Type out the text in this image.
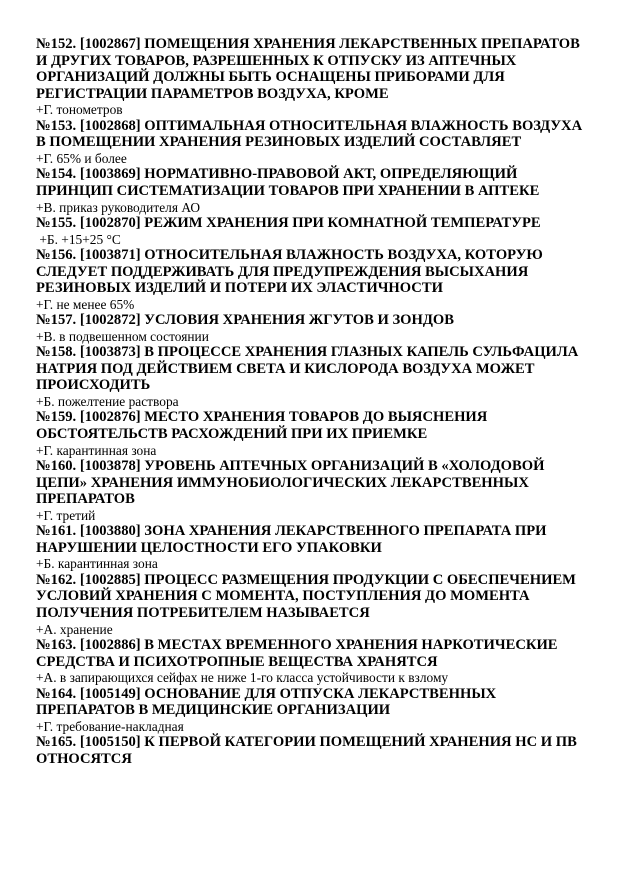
№152. [1002867] ПОМЕЩЕНИЯ ХРАНЕНИЯ ЛЕКАРСТВЕННЫХ ПРЕПАРАТОВ И ДРУГИХ ТОВАРОВ, РАЗРЕШЕННЫХ К ОТПУСКУ ИЗ АПТЕЧНЫХ ОРГАНИЗАЦИЙ ДОЛЖНЫ БЫТЬ ОСНАЩЕНЫ ПРИБОРАМИ ДЛЯ РЕГИСТРАЦИИ ПАРАМЕТРОВ ВОЗДУХА, КРОМЕ

+Г. тонометров

№153. [1002868] ОПТИМАЛЬНАЯ ОТНОСИТЕЛЬНАЯ ВЛАЖНОСТЬ ВОЗДУХА В ПОМЕЩЕНИИ ХРАНЕНИЯ РЕЗИНОВЫХ ИЗДЕЛИЙ СОСТАВЛЯЕТ

+Г. 65% и более

№154. [1003869] НОРМАТИВНО-ПРАВОВОЙ АКТ, ОПРЕДЕЛЯЮЩИЙ ПРИНЦИП СИСТЕМАТИЗАЦИИ ТОВАРОВ ПРИ ХРАНЕНИИ В АПТЕКЕ

+В. приказ руководителя АО

№155. [1002870] РЕЖИМ ХРАНЕНИЯ ПРИ КОМНАТНОЙ ТЕМПЕРАТУРЕ

+Б. +15+25 °С

№156. [1003871] ОТНОСИТЕЛЬНАЯ ВЛАЖНОСТЬ ВОЗДУХА, КОТОРУЮ СЛЕДУЕТ ПОДДЕРЖИВАТЬ ДЛЯ ПРЕДУПРЕЖДЕНИЯ ВЫСЫХАНИЯ РЕЗИНОВЫХ ИЗДЕЛИЙ И ПОТЕРИ ИХ ЭЛАСТИЧНОСТИ

+Г. не менее 65%

№157. [1002872] УСЛОВИЯ ХРАНЕНИЯ ЖГУТОВ И ЗОНДОВ

+В. в подвешенном состоянии

№158. [1003873] В ПРОЦЕССЕ ХРАНЕНИЯ ГЛАЗНЫХ КАПЕЛЬ СУЛЬФАЦИЛА НАТРИЯ ПОД ДЕЙСТВИЕМ СВЕТА И КИСЛОРОДА ВОЗДУХА МОЖЕТ ПРОИСХОДИТЬ

+Б. пожелтение раствора

№159. [1002876] МЕСТО ХРАНЕНИЯ ТОВАРОВ ДО ВЫЯСНЕНИЯ ОБСТОЯТЕЛЬСТВ РАСХОЖДЕНИЙ ПРИ ИХ ПРИЕМКЕ

+Г. карантинная зона

№160. [1003878] УРОВЕНЬ АПТЕЧНЫХ ОРГАНИЗАЦИЙ В «ХОЛОДОВОЙ ЦЕПИ» ХРАНЕНИЯ ИММУНОБИОЛОГИЧЕСКИХ ЛЕКАРСТВЕННЫХ ПРЕПАРАТОВ

+Г. третий

№161. [1003880] ЗОНА ХРАНЕНИЯ ЛЕКАРСТВЕННОГО ПРЕПАРАТА ПРИ НАРУШЕНИИ ЦЕЛОСТНОСТИ ЕГО УПАКОВКИ

+Б. карантинная зона

№162. [1002885] ПРОЦЕСС РАЗМЕЩЕНИЯ ПРОДУКЦИИ С ОБЕСПЕЧЕНИЕМ УСЛОВИЙ ХРАНЕНИЯ С МОМЕНТА, ПОСТУПЛЕНИЯ ДО МОМЕНТА ПОЛУЧЕНИЯ ПОТРЕБИТЕЛЕМ НАЗЫВАЕТСЯ

+А. хранение

№163. [1002886] В МЕСТАХ ВРЕМЕННОГО ХРАНЕНИЯ НАРКОТИЧЕСКИЕ СРЕДСТВА И ПСИХОТРОПНЫЕ ВЕЩЕСТВА ХРАНЯТСЯ

+А. в запирающихся сейфах не ниже 1-го класса устойчивости к взлому

№164. [1005149] ОСНОВАНИЕ ДЛЯ ОТПУСКА ЛЕКАРСТВЕННЫХ ПРЕПАРАТОВ В МЕДИЦИНСКИЕ ОРГАНИЗАЦИИ

+Г. требование-накладная

№165. [1005150] К ПЕРВОЙ КАТЕГОРИИ ПОМЕЩЕНИЙ ХРАНЕНИЯ НС И ПВ ОТНОСЯТСЯ
